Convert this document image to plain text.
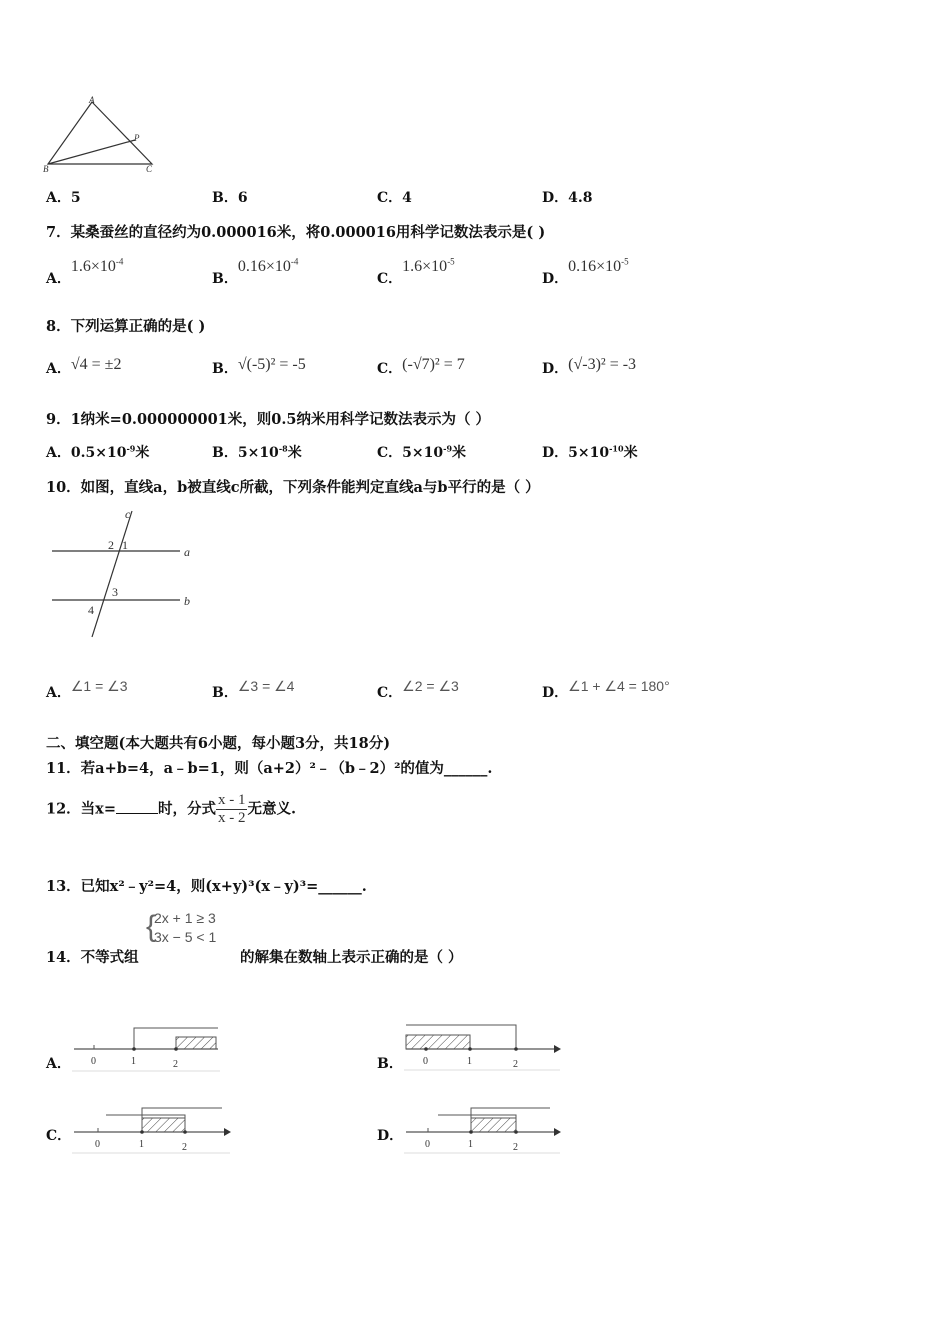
A
B	C
P
A．5	B．6	C．4	D．4.8
7．某桑蚕丝的直径约为0.000016米，将0.000016用科学记数法表示是( )
A．$1.6\times 10^{-4}$
B．$0.16\times 10^{-4}$
C．$1.6\times 10^{-5}$
D．$0.16\times 10^{-5}$
8．下列运算正确的是( )
A．√4 = ±2	B．√(-5)² = -5	C．(-√7)² = 7	D．(√-3)² = -3
9．1纳米=0.000000001米，则0.5纳米用科学记数法表示为（ ）
A．$0.5\times 10^{-9}$米	B．$5\times 10^{-8}$米	C．$5\times 10^{-9}$米	D．$5\times 10^{-10}$米
10．如图，直线a，b被直线c所截，下列条件能判定直线a与b平行的是（ ）
c
a
b
2 1
3
4
A．∠1 = ∠3	B．∠3 = ∠4	C．∠2 = ∠3	D．∠1 + ∠4 = 180°
二、填空题(本大题共有6小题，每小题3分，共18分)
11．若a+b=4，a﹣b=1，则（a+2）²﹣（b﹣2）²的值为______.
12．当x=	时，分式 $\frac{x - 1}{x - 2}$ 无意义.
13．已知x²﹣y²=4，则(x+y)³(x﹣y)³=______.
14．不等式组
{
2x + 1 ≥ 3
3x − 5 < 1
的解集在数轴上表示正确的是（ ）
A． 0	1	2	B． 0	1	2
C．
0	1	2
D．
0	1	2
